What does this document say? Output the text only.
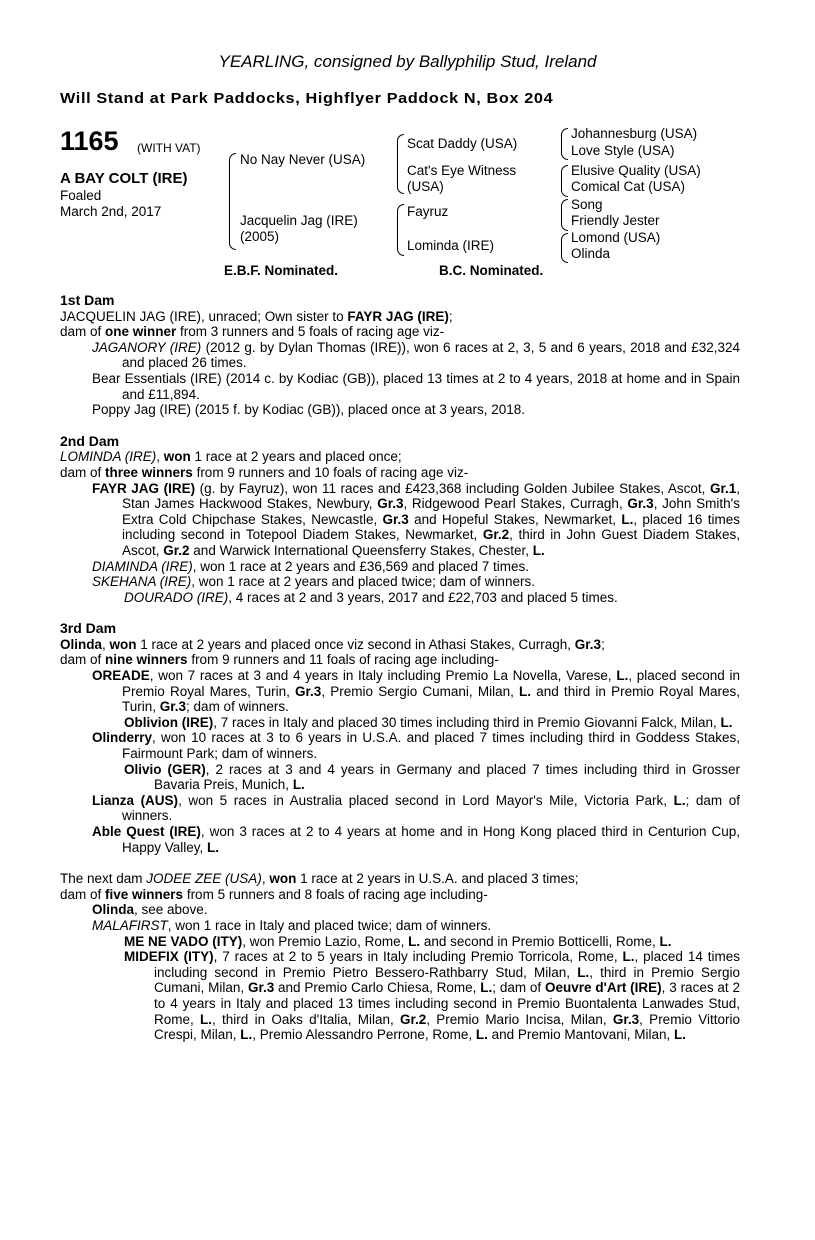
YEARLING, consigned by Ballyphilip Stud, Ireland
Will Stand at Park Paddocks, Highflyer Paddock N, Box 204
1165 (WITH VAT)
A BAY COLT (IRE)
Foaled
March 2nd, 2017
No Nay Never (USA)
Jacquelin Jag (IRE)
(2005)
Scat Daddy (USA)
Cat's Eye Witness
(USA)
Fayruz
Lominda (IRE)
Johannesburg (USA)
Love Style (USA)
Elusive Quality (USA)
Comical Cat (USA)
Song
Friendly Jester
Lomond (USA)
Olinda
E.B.F. Nominated.	B.C. Nominated.

1st Dam

JACQUELIN JAG (IRE), unraced; Own sister to FAYR JAG (IRE);

dam of one winner from 3 runners and 5 foals of racing age viz-

JAGANORY (IRE) (2012 g. by Dylan Thomas (IRE)), won 6 races at 2, 3, 5 and 6 years, 2018 and £32,324 and placed 26 times.

Bear Essentials (IRE) (2014 c. by Kodiac (GB)), placed 13 times at 2 to 4 years, 2018 at home and in Spain and £11,894.

Poppy Jag (IRE) (2015 f. by Kodiac (GB)), placed once at 3 years, 2018.

2nd Dam

LOMINDA (IRE), won 1 race at 2 years and placed once;

dam of three winners from 9 runners and 10 foals of racing age viz-

FAYR JAG (IRE) (g. by Fayruz), won 11 races and £423,368 including Golden Jubilee Stakes, Ascot, Gr.1, Stan James Hackwood Stakes, Newbury, Gr.3, Ridgewood Pearl Stakes, Curragh, Gr.3, John Smith's Extra Cold Chipchase Stakes, Newcastle, Gr.3 and Hopeful Stakes, Newmarket, L., placed 16 times including second in Totepool Diadem Stakes, Newmarket, Gr.2, third in John Guest Diadem Stakes, Ascot, Gr.2 and Warwick International Queensferry Stakes, Chester, L.

DIAMINDA (IRE), won 1 race at 2 years and £36,569 and placed 7 times.

SKEHANA (IRE), won 1 race at 2 years and placed twice; dam of winners.

DOURADO (IRE), 4 races at 2 and 3 years, 2017 and £22,703 and placed 5 times.

3rd Dam

Olinda, won 1 race at 2 years and placed once viz second in Athasi Stakes, Curragh, Gr.3;

dam of nine winners from 9 runners and 11 foals of racing age including-

OREADE, won 7 races at 3 and 4 years in Italy including Premio La Novella, Varese, L., placed second in Premio Royal Mares, Turin, Gr.3, Premio Sergio Cumani, Milan, L. and third in Premio Royal Mares, Turin, Gr.3; dam of winners.

Oblivion (IRE), 7 races in Italy and placed 30 times including third in Premio Giovanni Falck, Milan, L.

Olinderry, won 10 races at 3 to 6 years in U.S.A. and placed 7 times including third in Goddess Stakes, Fairmount Park; dam of winners.

Olivio (GER), 2 races at 3 and 4 years in Germany and placed 7 times including third in Grosser Bavaria Preis, Munich, L.

Lianza (AUS), won 5 races in Australia placed second in Lord Mayor's Mile, Victoria Park, L.; dam of winners.

Able Quest (IRE), won 3 races at 2 to 4 years at home and in Hong Kong placed third in Centurion Cup, Happy Valley, L.

The next dam JODEE ZEE (USA), won 1 race at 2 years in U.S.A. and placed 3 times;

dam of five winners from 5 runners and 8 foals of racing age including-

Olinda, see above.

MALAFIRST, won 1 race in Italy and placed twice; dam of winners.

ME NE VADO (ITY), won Premio Lazio, Rome, L. and second in Premio Botticelli, Rome, L.

MIDEFIX (ITY), 7 races at 2 to 5 years in Italy including Premio Torricola, Rome, L., placed 14 times including second in Premio Pietro Bessero-Rathbarry Stud, Milan, L., third in Premio Sergio Cumani, Milan, Gr.3 and Premio Carlo Chiesa, Rome, L.; dam of Oeuvre d'Art (IRE), 3 races at 2 to 4 years in Italy and placed 13 times including second in Premio Buontalenta Lanwades Stud, Rome, L., third in Oaks d'Italia, Milan, Gr.2, Premio Mario Incisa, Milan, Gr.3, Premio Vittorio Crespi, Milan, L., Premio Alessandro Perrone, Rome, L. and Premio Mantovani, Milan, L.
